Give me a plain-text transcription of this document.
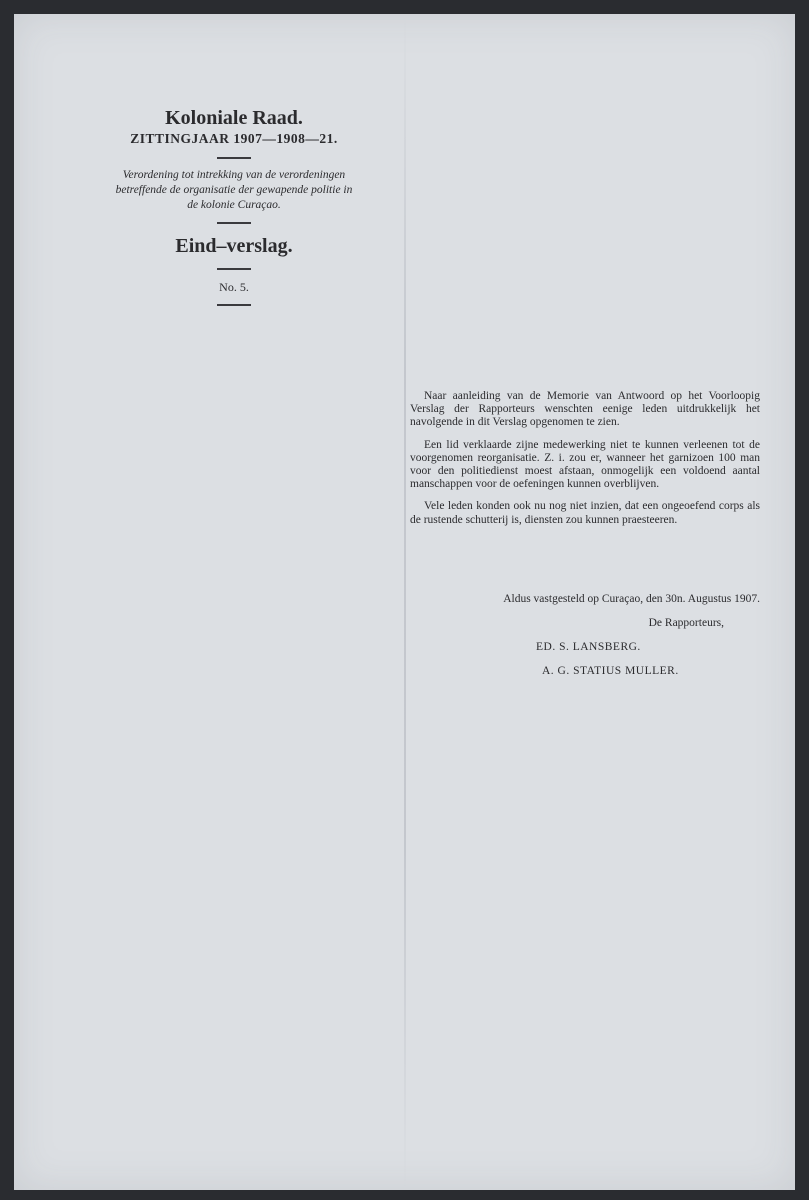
Koloniale Raad.

ZITTINGJAAR 1907—1908—21.

Verordening tot intrekking van de verordeningen betreffende de organisatie der gewapende politie in de kolonie Curaçao.

Eind–verslag.

No. 5.

Naar aanleiding van de Memorie van Antwoord op het Voorloopig Verslag der Rapporteurs wenschten eenige leden uitdrukkelijk het navolgende in dit Verslag opgenomen te zien.

Een lid verklaarde zijne medewerking niet te kunnen verleenen tot de voorgenomen reorganisatie. Z. i. zou er, wanneer het garnizoen 100 man voor den politiedienst moest afstaan, onmogelijk een voldoend aantal manschappen voor de oefeningen kunnen overblijven.

Vele leden konden ook nu nog niet inzien, dat een ongeoefend corps als de rustende schutterij is, diensten zou kunnen praesteeren.

Aldus vastgesteld op Curaçao, den 30n. Augustus 1907.

De Rapporteurs,

ED. S. LANSBERG.

A. G. STATIUS MULLER.
